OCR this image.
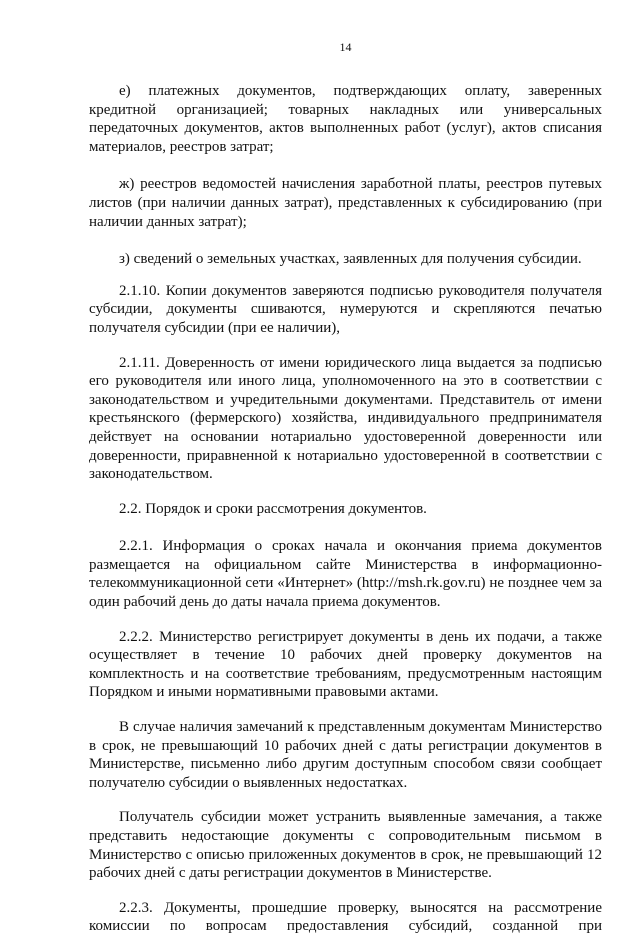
14

е) платежных документов, подтверждающих оплату, заверенных кредитной организацией; товарных накладных или универсальных передаточных документов, актов выполненных работ (услуг), актов списания материалов, реестров затрат;

ж) реестров ведомостей начисления заработной платы, реестров путевых листов (при наличии данных затрат), представленных к субсидированию (при наличии данных затрат);

з) сведений о земельных участках, заявленных для получения субсидии.

2.1.10. Копии документов заверяются подписью руководителя получателя субсидии, документы сшиваются, нумеруются и скрепляются печатью получателя субсидии (при ее наличии),

2.1.11. Доверенность от имени юридического лица выдается за подписью его руководителя или иного лица, уполномоченного на это в соответствии с законодательством и учредительными документами. Представитель от имени крестьянского (фермерского) хозяйства, индивидуального предпринимателя действует на основании нотариально удостоверенной доверенности или доверенности, приравненной к нотариально удостоверенной в соответствии с законодательством.

2.2. Порядок и сроки рассмотрения документов.

2.2.1. Информация о сроках начала и окончания приема документов размещается на официальном сайте Министерства в информационно-телекоммуникационной сети «Интернет» (http://msh.rk.gov.ru) не позднее чем за один рабочий день до даты начала приема документов.

2.2.2. Министерство регистрирует документы в день их подачи, а также осуществляет в течение 10 рабочих дней проверку документов на комплектность и на соответствие требованиям, предусмотренным настоящим Порядком и иными нормативными правовыми актами.

В случае наличия замечаний к представленным документам Министерство в срок, не превышающий 10 рабочих дней с даты регистрации документов в Министерстве, письменно либо другим доступным способом связи сообщает получателю субсидии о выявленных недостатках.

Получатель субсидии может устранить выявленные замечания, а также представить недостающие документы с сопроводительным письмом в Министерство с описью приложенных документов в срок, не превышающий 12 рабочих дней с даты регистрации документов в Министерстве.

2.2.3. Документы, прошедшие проверку, выносятся на рассмотрение комиссии по вопросам предоставления субсидий, созданной при
